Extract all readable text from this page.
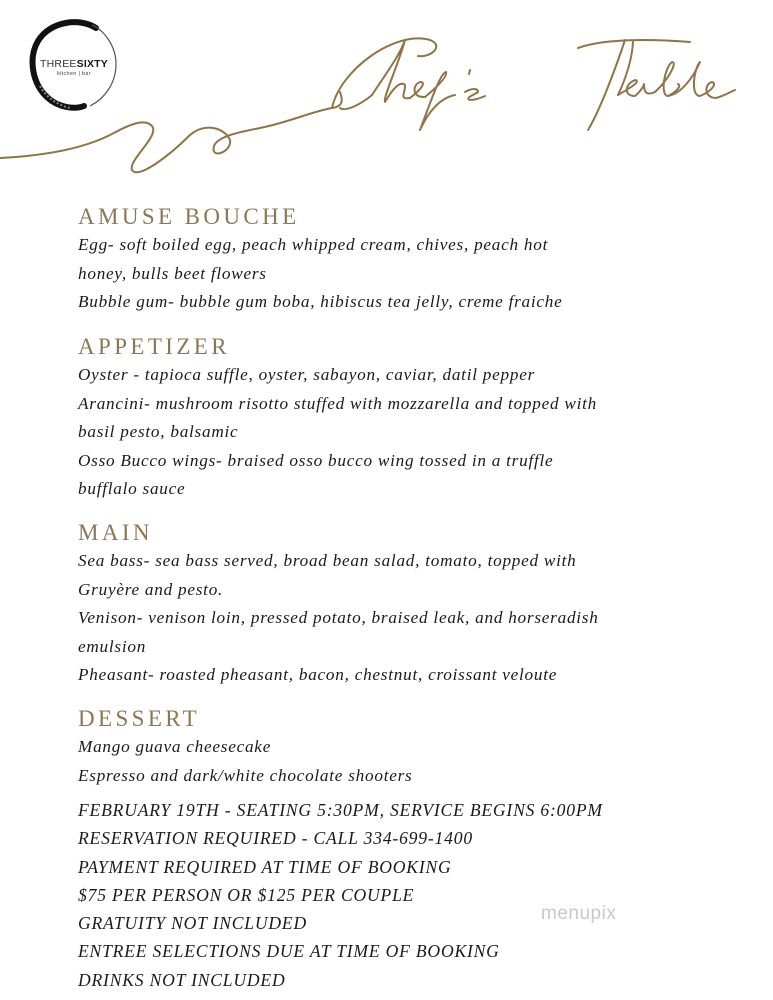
THREESIXTY
kitchen | bar
AMUSE BOUCHE

Egg- soft boiled egg, peach whipped cream, chives, peach hot

honey, bulls beet flowers

Bubble gum- bubble gum boba, hibiscus tea jelly, creme fraiche

APPETIZER

Oyster - tapioca suffle, oyster, sabayon, caviar, datil pepper

Arancini- mushroom risotto stuffed with mozzarella and topped with

basil pesto, balsamic

Osso Bucco wings- braised osso bucco wing tossed in a truffle

bufflalo sauce

MAIN

Sea bass- sea bass served, broad bean salad, tomato, topped with

Gruyère and pesto.

Venison- venison loin, pressed potato, braised leak, and horseradish

emulsion

Pheasant- roasted pheasant, bacon, chestnut, croissant veloute

DESSERT

Mango guava cheesecake

Espresso and dark/white chocolate shooters

FEBRUARY 19TH - SEATING 5:30PM, SERVICE BEGINS 6:00PM

RESERVATION REQUIRED - CALL 334-699-1400

PAYMENT REQUIRED AT TIME OF BOOKING

$75 PER PERSON OR $125 PER COUPLE

GRATUITY NOT INCLUDED

ENTREE SELECTIONS DUE AT TIME OF BOOKING

DRINKS NOT INCLUDED

menupix
